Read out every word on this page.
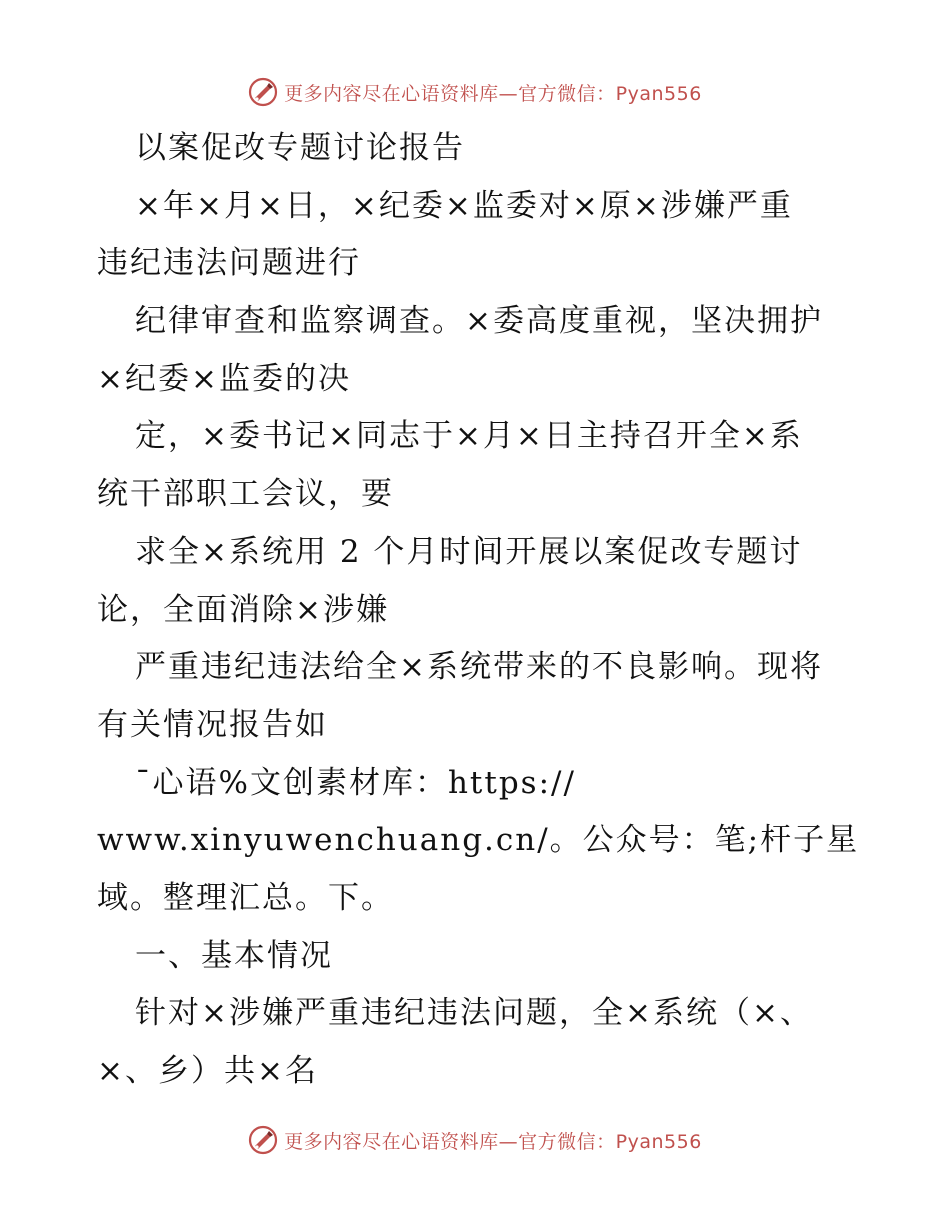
更多内容尽在心语资料库—官方微信：Pyan556
以案促改专题讨论报告
×年×月×日，×纪委×监委对×原×涉嫌严重
违纪违法问题进行
纪律审查和监察调查。×委高度重视，坚决拥护
×纪委×监委的决
定，×委书记×同志于×月×日主持召开全×系
统干部职工会议，要
求全×系统用 2 个月时间开展以案促改专题讨
论，全面消除×涉嫌
严重违纪违法给全×系统带来的不良影响。现将
有关情况报告如
¯心语%文创素材库：https://
www.xinyuwenchuang.cn/。公众号：笔;杆子星
域。整理汇总。下。
一、基本情况
针对×涉嫌严重违纪违法问题，全×系统（×、
×、乡）共×名
更多内容尽在心语资料库—官方微信：Pyan556
